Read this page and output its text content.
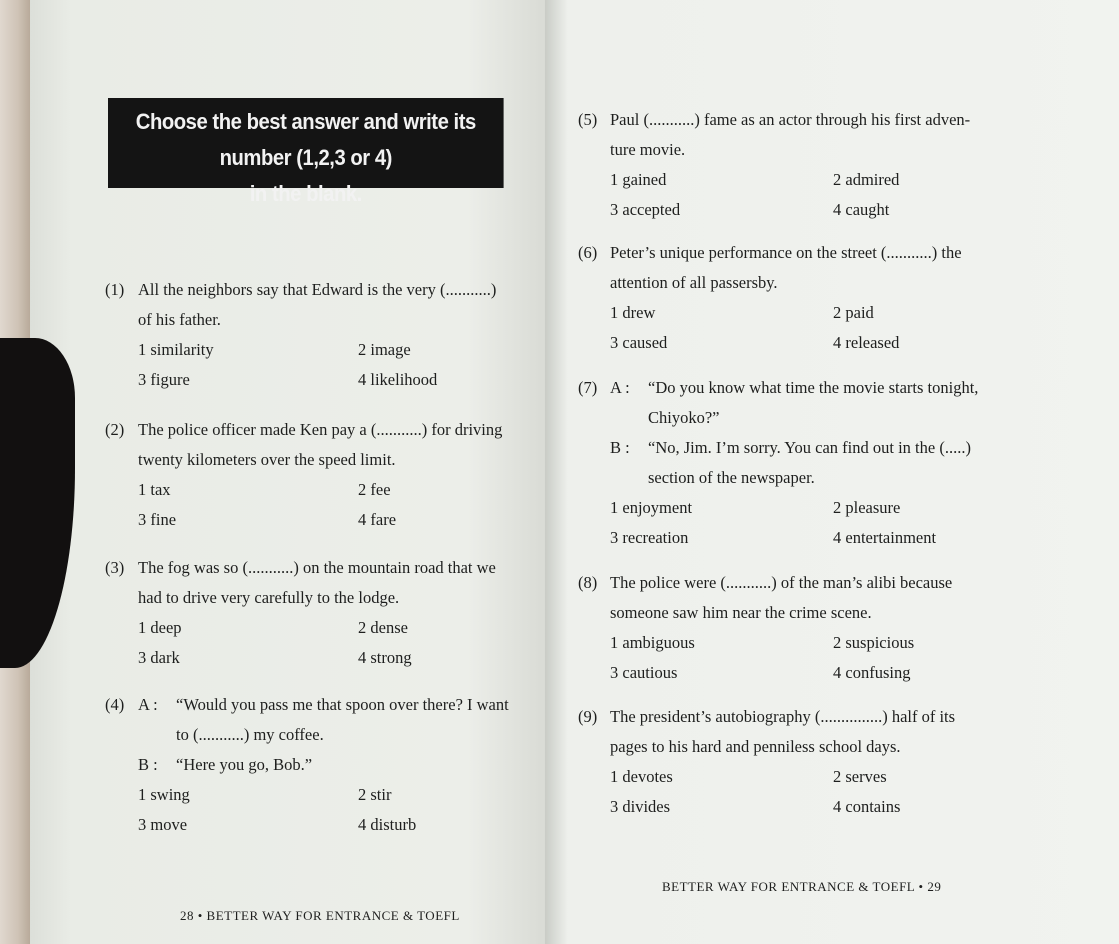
Choose the best answer and write its number (1,2,3 or 4)
in the blank.
(1) All the neighbors say that Edward is the very (...........)
of his father.
1 similarity	2 image
3 figure	4 likelihood
(2) The police officer made Ken pay a (...........) for driving
twenty kilometers over the speed limit.
1 tax	2 fee
3 fine	4 fare
(3) The fog was so (...........) on the mountain road that we
had to drive very carefully to the lodge.
1 deep	2 dense
3 dark	4 strong
(4) A : “Would you pass me that spoon over there? I want
to (...........) my coffee.
B : “Here you go, Bob.”
1 swing	2 stir
3 move	4 disturb
(5) Paul (...........) fame as an actor through his first adven-
ture movie.
1 gained	2 admired
3 accepted	4 caught
(6) Peter’s unique performance on the street (...........) the
attention of all passersby.
1 drew	2 paid
3 caused	4 released
(7) A : “Do you know what time the movie starts tonight,
Chiyoko?”
B : “No, Jim. I’m sorry. You can find out in the (.....)
section of the newspaper.
1 enjoyment	2 pleasure
3 recreation	4 entertainment
(8) The police were (...........) of the man’s alibi because
someone saw him near the crime scene.
1 ambiguous	2 suspicious
3 cautious	4 confusing
(9) The president’s autobiography (...............) half of its
pages to his hard and penniless school days.
1 devotes	2 serves
3 divides	4 contains
28 • BETTER WAY FOR ENTRANCE & TOEFL
BETTER WAY FOR ENTRANCE & TOEFL • 29
